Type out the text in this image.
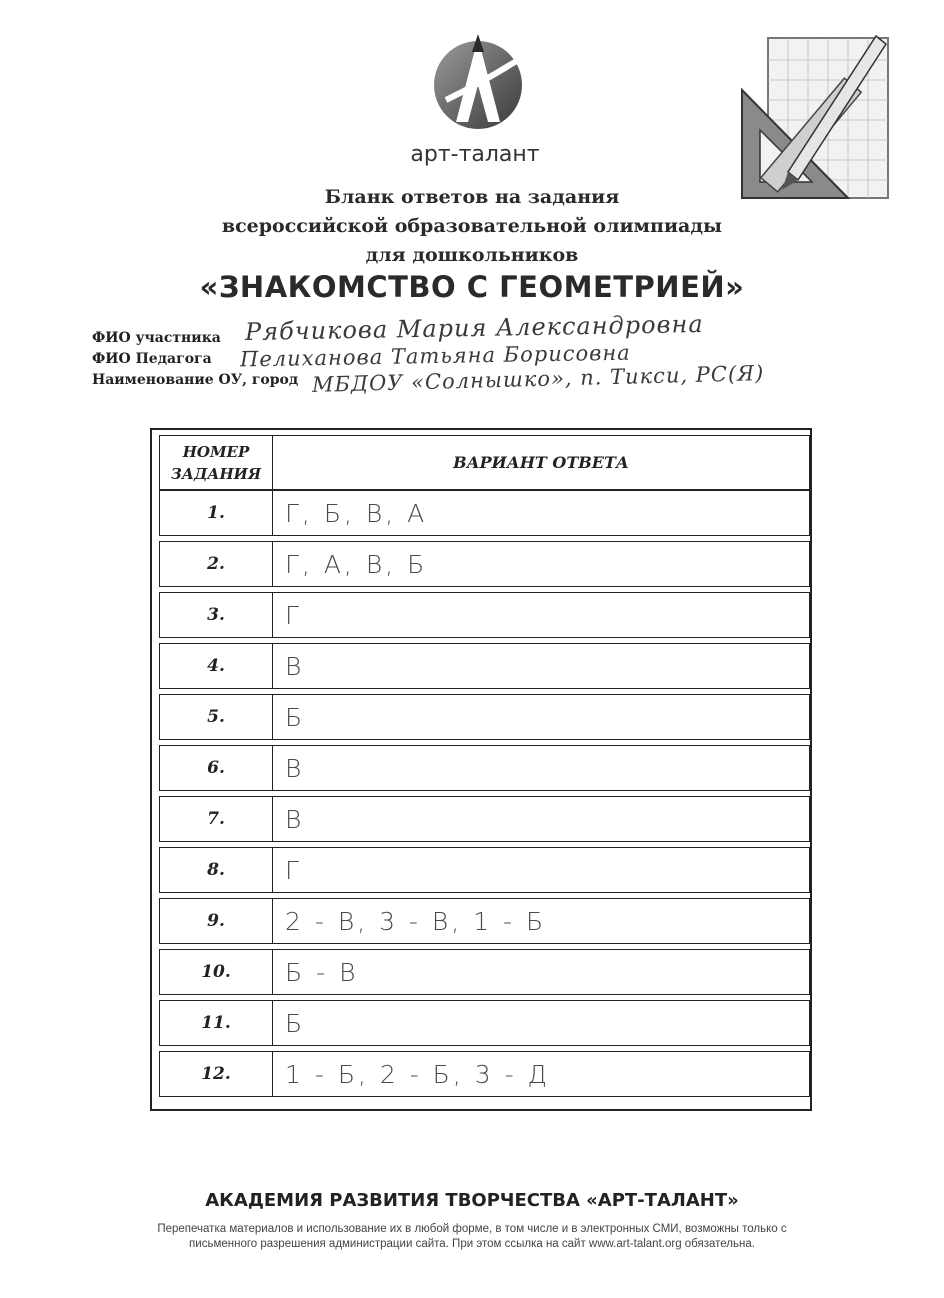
арт-талант
Бланк ответов на задания
всероссийской образовательной олимпиады
для дошкольников
«ЗНАКОМСТВО С ГЕОМЕТРИЕЙ»
ФИО участника Рябчикова Мария Александровна
ФИО Педагога Пелиханова Татьяна Борисовна
Наименование ОУ, город МБДОУ «Солнышко», п. Тикси, РС(Я)
НОМЕР
ЗАДАНИЯ
ВАРИАНТ ОТВЕТА
1.	Г, Б, В, А
2.	Г, А, В, Б
3.	Г
4.	В
5.	Б
6.	В
7.	В
8.	Г
9.	2 - В, 3 - В, 1 - Б
10.	Б - В
11.	Б
12.	1 - Б, 2 - Б, 3 - Д
АКАДЕМИЯ РАЗВИТИЯ ТВОРЧЕСТВА «АРТ-ТАЛАНТ»
Перепечатка материалов и использование их в любой форме, в том числе и в электронных СМИ, возможны только с
письменного разрешения администрации сайта. При этом ссылка на сайт www.art-talant.org обязательна.
